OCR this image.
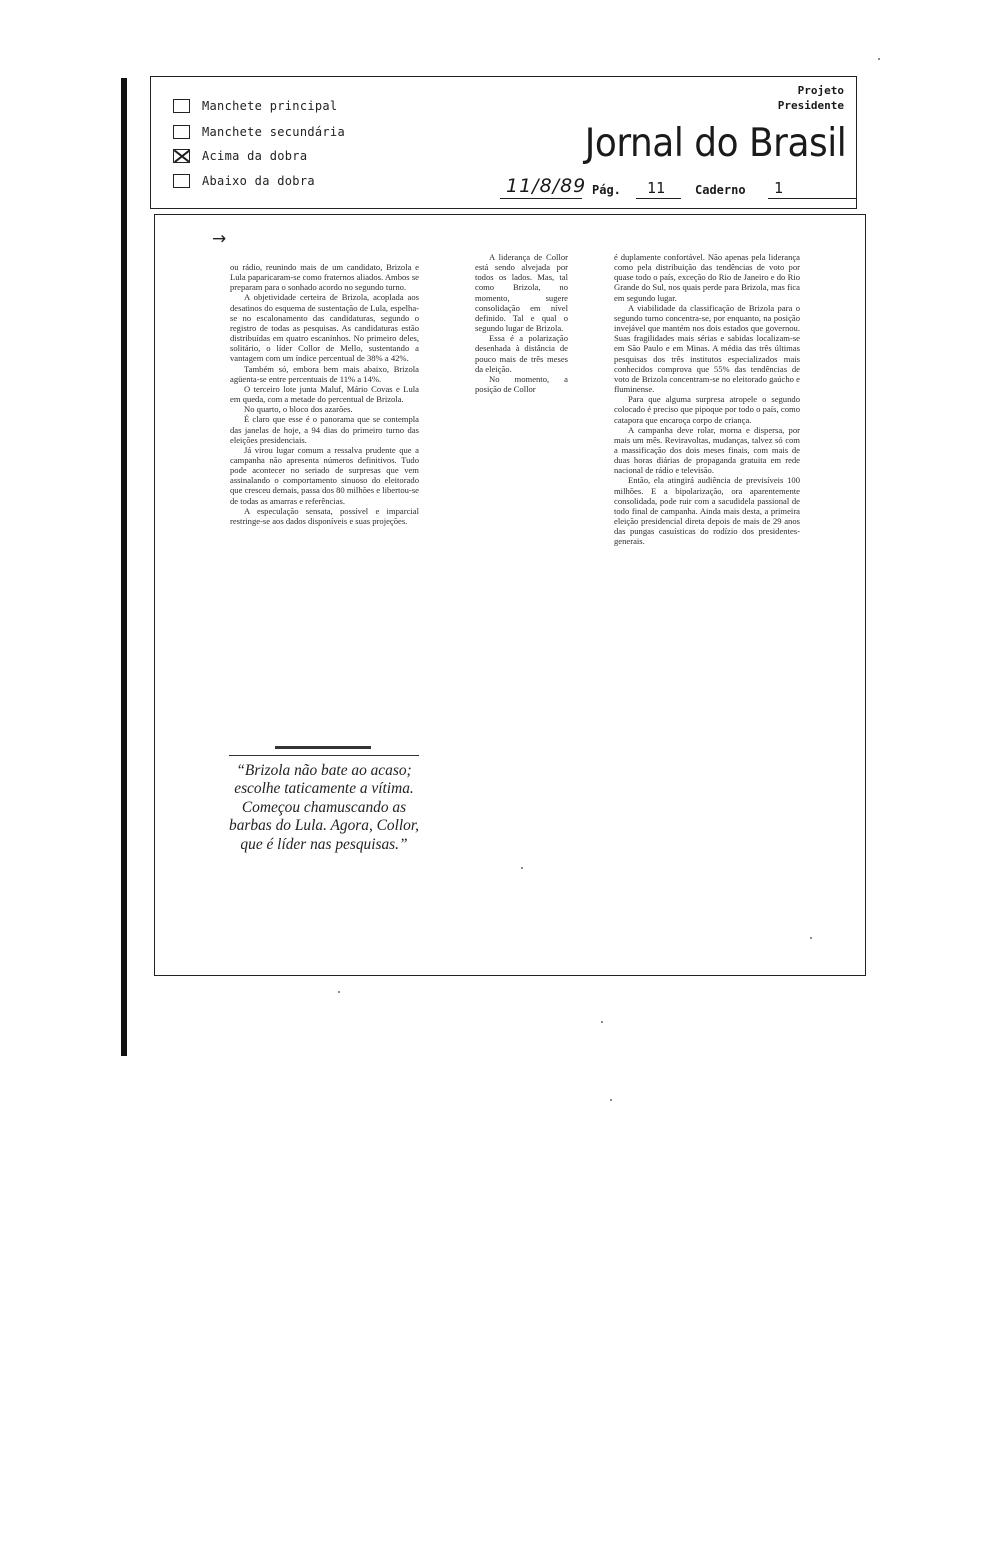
Manchete principal
Manchete secundária
Acima da dobra
Abaixo da dobra
Projeto
Presidente
Jornal do Brasil
11/8/89 Pág. 11 Caderno 1
→

ou rádio, reunindo mais de um candidato, Brizola e Lula paparicaram-se como fraternos aliados. Ambos se preparam para o sonhado acordo no segundo turno.

A objetividade certeira de Brizola, acoplada aos desatinos do esquema de sustentação de Lula, espelha-se no escalonamento das candidaturas, segundo o registro de todas as pesquisas. As candidaturas estão distribuídas em quatro escaninhos. No primeiro deles, solitário, o líder Collor de Mello, sustentando a vantagem com um índice percentual de 38% a 42%.

Também só, embora bem mais abaixo, Brizola agüenta-se entre percentuais de 11% a 14%.

O terceiro lote junta Maluf, Mário Covas e Lula em queda, com a metade do percentual de Brizola.

No quarto, o bloco dos azarões.

É claro que esse é o panorama que se contempla das janelas de hoje, a 94 dias do primeiro turno das eleições presidenciais.

Já virou lugar comum a ressalva prudente que a campanha não apresenta números definitivos. Tudo pode acontecer no seriado de surpresas que vem assinalando o comportamento sinuoso do eleitorado que cresceu demais, passa dos 80 milhões e libertou-se de todas as amarras e referências.

A especulação sensata, possível e imparcial restringe-se aos dados disponíveis e suas projeções.

“Brizola não bate ao acaso; escolhe taticamente a vítima. Começou chamuscando as barbas do Lula. Agora, Collor, que é líder nas pesquisas.”

A liderança de Collor está sendo alvejada por todos os lados. Mas, tal como Brizola, no momento, sugere consolidação em nível definido. Tal e qual o segundo lugar de Brizola.

Essa é a polarização desenhada à distância de pouco mais de três meses da eleição.

No momento, a posição de Collor

é duplamente confortável. Não apenas pela liderança como pela distribuição das tendências de voto por quase todo o país, exceção do Rio de Janeiro e do Rio Grande do Sul, nos quais perde para Brizola, mas fica em segundo lugar.

A viabilidade da classificação de Brizola para o segundo turno concentra-se, por enquanto, na posição invejável que mantém nos dois estados que governou. Suas fragilidades mais sérias e sabidas localizam-se em São Paulo e em Minas. A média das três últimas pesquisas dos três institutos especializados mais conhecidos comprova que 55% das tendências de voto de Brizola concentram-se no eleitorado gaúcho e fluminense.

Para que alguma surpresa atropele o segundo colocado é preciso que pipoque por todo o país, como catapora que encaroça corpo de criança.

A campanha deve rolar, morna e dispersa, por mais um mês. Reviravoltas, mudanças, talvez só com a massificação dos dois meses finais, com mais de duas horas diárias de propaganda gratuita em rede nacional de rádio e televisão.

Então, ela atingirá audiência de previsíveis 100 milhões. E a bipolarização, ora aparentemente consolidada, pode ruir com a sacudidela passional de todo final de campanha. Ainda mais desta, a primeira eleição presidencial direta depois de mais de 29 anos das pungas casuísticas do rodízio dos presidentes-generais.
